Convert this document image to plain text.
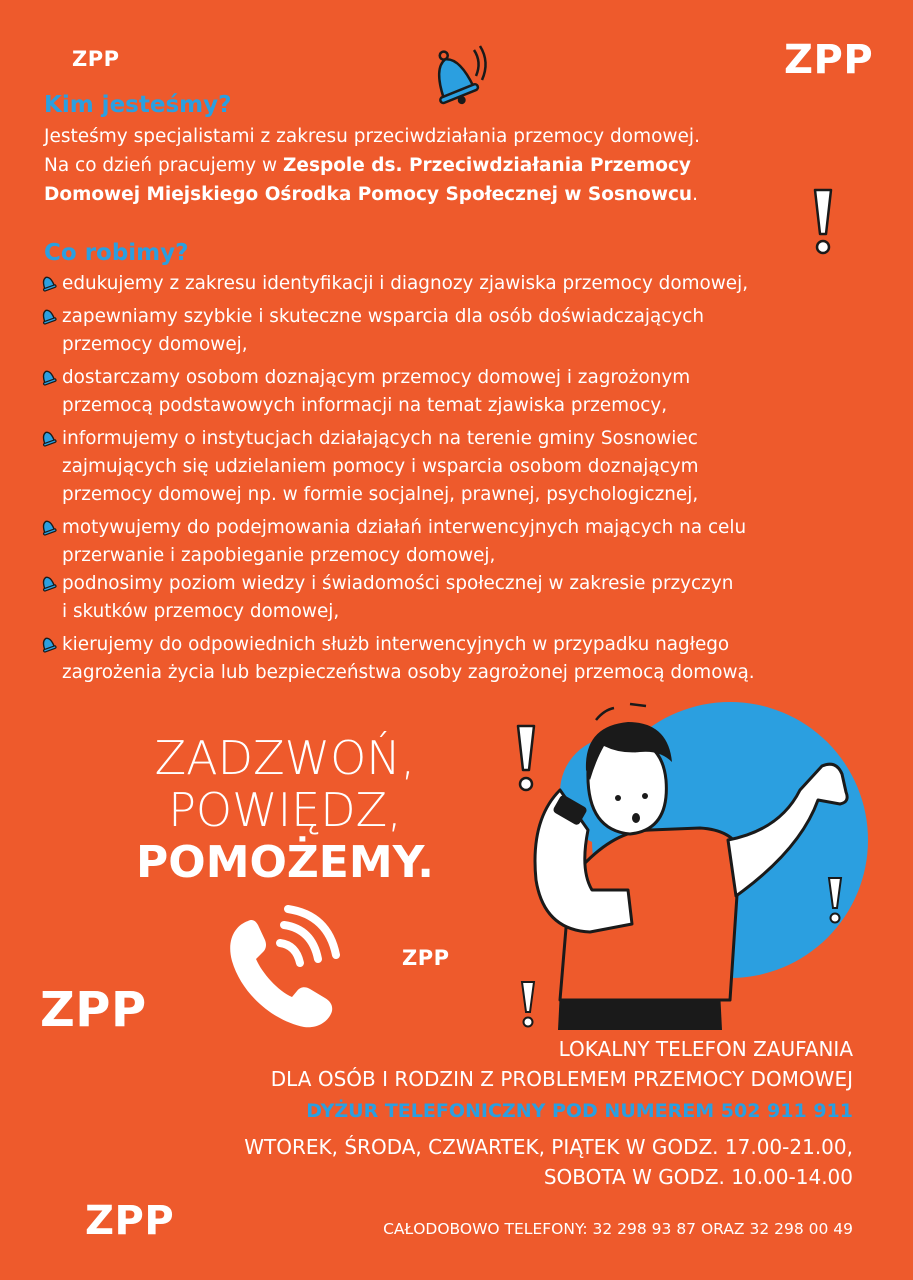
ZPP	ZPP
Kim jesteśmy?
Jesteśmy specjalistami z zakresu przeciwdziałania przemocy domowej.
Na co dzień pracujemy w Zespole ds. Przeciwdziałania Przemocy
Domowej Miejskiego Ośrodka Pomocy Społecznej w Sosnowcu.
Co robimy?
edukujemy z zakresu identyfikacji i diagnozy zjawiska przemocy domowej,
zapewniamy szybkie i skuteczne wsparcia dla osób doświadczających
przemocy domowej,
dostarczamy osobom doznającym przemocy domowej i zagrożonym
przemocą podstawowych informacji na temat zjawiska przemocy,
informujemy o instytucjach działających na terenie gminy Sosnowiec
zajmujących się udzielaniem pomocy i wsparcia osobom doznającym
przemocy domowej np. w formie socjalnej, prawnej, psychologicznej,
motywujemy do podejmowania działań interwencyjnych mających na celu
przerwanie i zapobieganie przemocy domowej,
podnosimy poziom wiedzy i świadomości społecznej w zakresie przyczyn
i skutków przemocy domowej,
kierujemy do odpowiednich służb interwencyjnych w przypadku nagłego
zagrożenia życia lub bezpieczeństwa osoby zagrożonej przemocą domową.
ZADZWOŃ,
POWIĘDZ,
POMOŻEMY.
ZPP
ZPP
LOKALNY TELEFON ZAUFANIA
DLA OSÓB I RODZIN Z PROBLEMEM PRZEMOCY DOMOWEJ
DYŻUR TELEFONICZNY POD NUMEREM 502 911 911
WTOREK, ŚRODA, CZWARTEK, PIĄTEK W GODZ. 17.00-21.00,
SOBOTA W GODZ. 10.00-14.00
ZPP	CAŁODOBOWO TELEFONY: 32 298 93 87 ORAZ 32 298 00 49
